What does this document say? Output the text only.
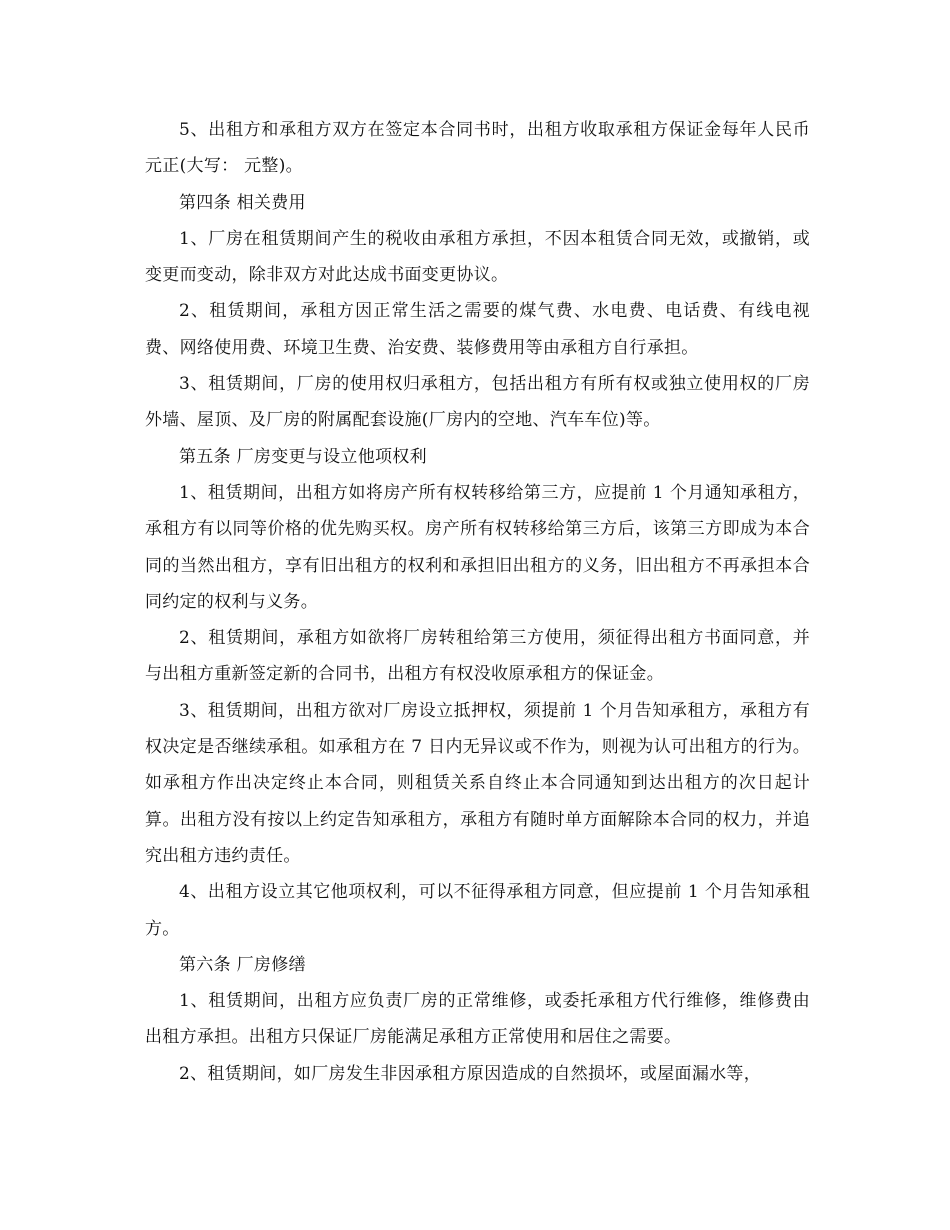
5、出租方和承租方双方在签定本合同书时，出租方收取承租方保证金每年人民币 元正(大写： 元整)。

第四条 相关费用

1、厂房在租赁期间产生的税收由承租方承担，不因本租赁合同无效，或撤销，或变更而变动，除非双方对此达成书面变更协议。

2、租赁期间，承租方因正常生活之需要的煤气费、水电费、电话费、有线电视费、网络使用费、环境卫生费、治安费、装修费用等由承租方自行承担。

3、租赁期间，厂房的使用权归承租方，包括出租方有所有权或独立使用权的厂房外墙、屋顶、及厂房的附属配套设施(厂房内的空地、汽车车位)等。

第五条 厂房变更与设立他项权利

1、租赁期间，出租方如将房产所有权转移给第三方，应提前 1 个月通知承租方，承租方有以同等价格的优先购买权。房产所有权转移给第三方后，该第三方即成为本合同的当然出租方，享有旧出租方的权利和承担旧出租方的义务，旧出租方不再承担本合同约定的权利与义务。

2、租赁期间，承租方如欲将厂房转租给第三方使用，须征得出租方书面同意，并与出租方重新签定新的合同书，出租方有权没收原承租方的保证金。

3、租赁期间，出租方欲对厂房设立抵押权，须提前 1 个月告知承租方，承租方有权决定是否继续承租。如承租方在 7 日内无异议或不作为，则视为认可出租方的行为。如承租方作出决定终止本合同，则租赁关系自终止本合同通知到达出租方的次日起计算。出租方没有按以上约定告知承租方，承租方有随时单方面解除本合同的权力，并追究出租方违约责任。

4、出租方设立其它他项权利，可以不征得承租方同意，但应提前 1 个月告知承租方。

第六条 厂房修缮

1、租赁期间，出租方应负责厂房的正常维修，或委托承租方代行维修，维修费由出租方承担。出租方只保证厂房能满足承租方正常使用和居住之需要。

2、租赁期间，如厂房发生非因承租方原因造成的自然损坏，或屋面漏水等，
